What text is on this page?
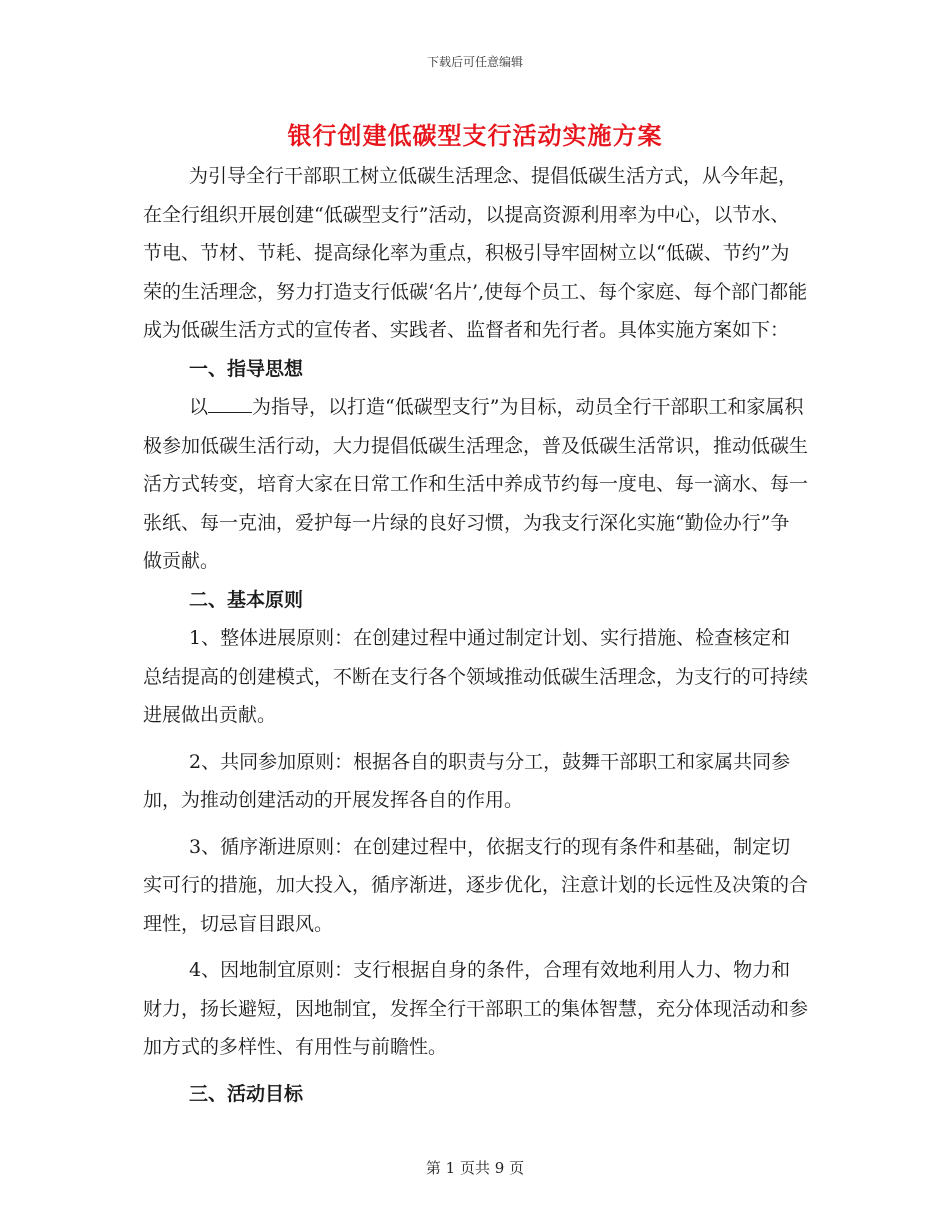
下载后可任意编辑
银行创建低碳型支行活动实施方案

为引导全行干部职工树立低碳生活理念、提倡低碳生活方式，从今年起，在全行组织开展创建“低碳型支行”活动，以提高资源利用率为中心，以节水、节电、节材、节耗、提高绿化率为重点，积极引导牢固树立以“低碳、节约”为荣的生活理念，努力打造支行低碳‘名片’,使每个员工、每个家庭、每个部门都能成为低碳生活方式的宣传者、实践者、监督者和先行者。具体实施方案如下：

一、指导思想

以 为指导，以打造“低碳型支行”为目标，动员全行干部职工和家属积极参加低碳生活行动，大力提倡低碳生活理念，普及低碳生活常识，推动低碳生活方式转变，培育大家在日常工作和生活中养成节约每一度电、每一滴水、每一张纸、每一克油，爱护每一片绿的良好习惯，为我支行深化实施“勤俭办行”争做贡献。

二、基本原则

1、整体进展原则：在创建过程中通过制定计划、实行措施、检查核定和总结提高的创建模式，不断在支行各个领域推动低碳生活理念，为支行的可持续进展做出贡献。

2、共同参加原则：根据各自的职责与分工，鼓舞干部职工和家属共同参加，为推动创建活动的开展发挥各自的作用。

3、循序渐进原则：在创建过程中，依据支行的现有条件和基础，制定切实可行的措施，加大投入，循序渐进，逐步优化，注意计划的长远性及决策的合理性，切忌盲目跟风。

4、因地制宜原则：支行根据自身的条件，合理有效地利用人力、物力和财力，扬长避短，因地制宜，发挥全行干部职工的集体智慧，充分体现活动和参加方式的多样性、有用性与前瞻性。

三、活动目标

第 1 页共 9 页
